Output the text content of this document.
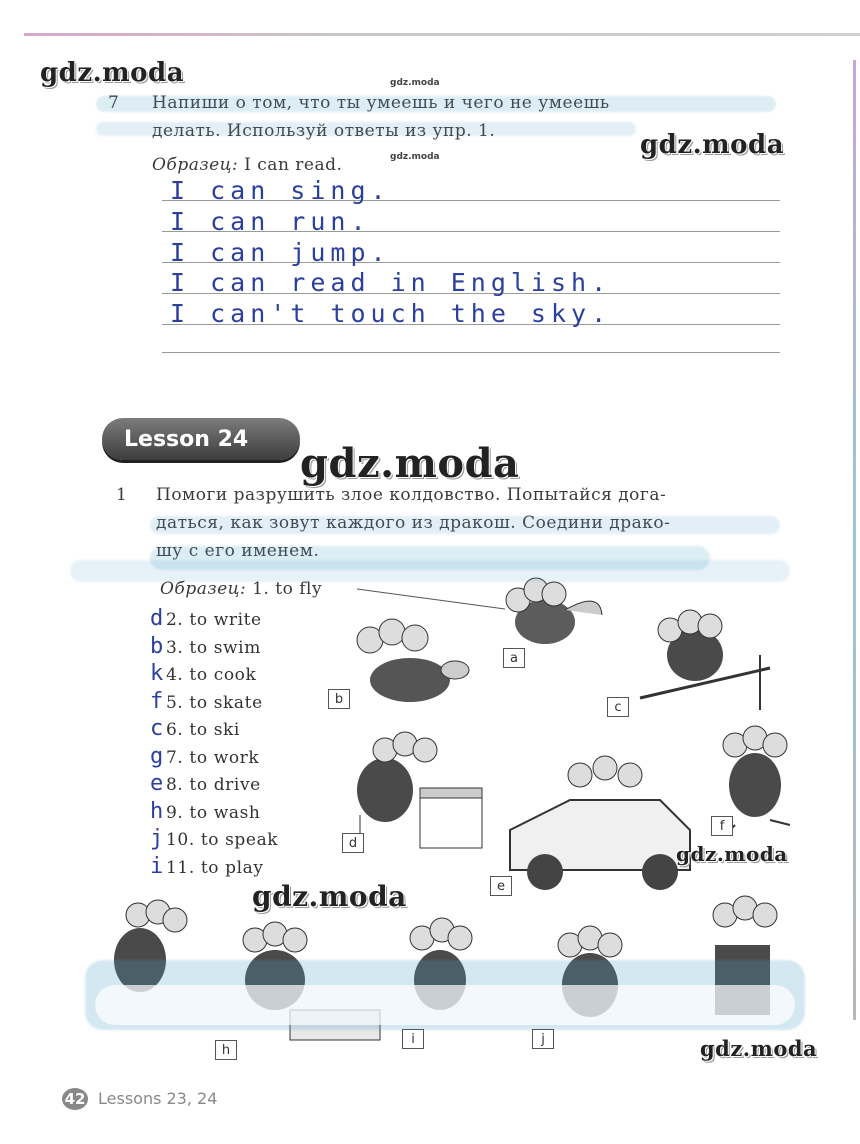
gdz.moda	gdz.moda
gdz.moda
gdz.moda
7 Напиши о том, что ты умеешь и чего не умеешь
делать. Используй ответы из упр. 1.
Образец: I can read.
I can sing.
I can run.
I can jump.
I can read in English.
I can't touch the sky.
Lesson 24
gdz.moda
1 Помоги разрушить злое колдовство. Попытайся дога-
даться, как зовут каждого из дракош. Соедини драко-
шу с его именем.
Образец: 1. to fly
d 2. to write
b 3. to swim
k 4. to cook
f 5. to skate
c 6. to ski
g 7. to work
e 8. to drive
h 9. to wash
j 10. to speak
i 11. to play
a
b
c
d
e
f
h
i	j
gdz.moda
gdz.moda
gdz.moda
42 Lessons 23, 24
